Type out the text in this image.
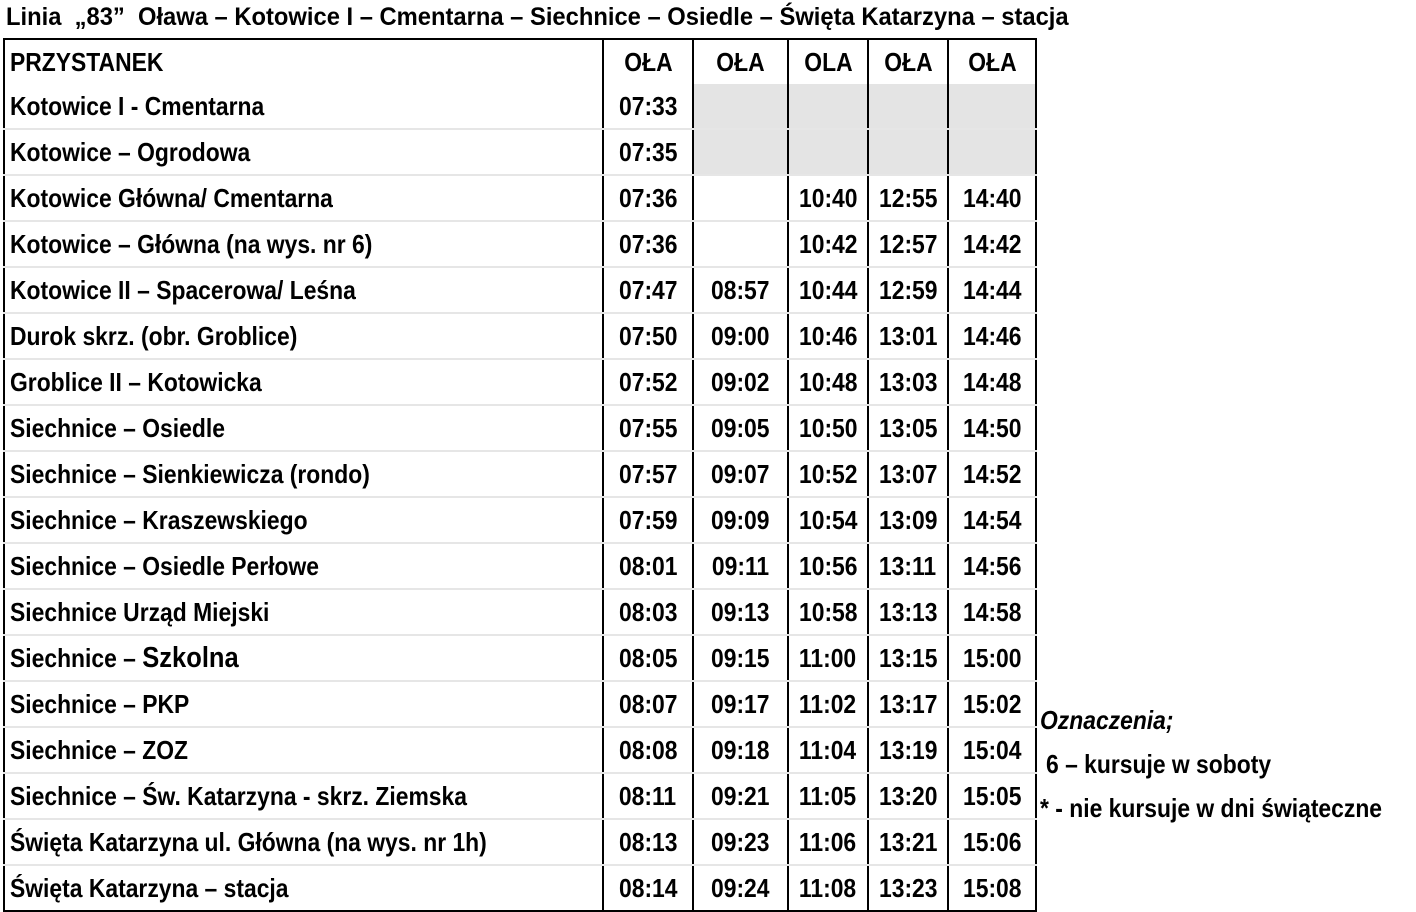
Linia  „83”  Oława – Kotowice I – Cmentarna – Siechnice – Osiedle – Święta Katarzyna – stacja
PRZYSTANEK	OŁA	OŁA	OLA	OŁA	OŁA
Kotowice I - Cmentarna	07:33				
Kotowice – Ogrodowa	07:35				
Kotowice Główna/ Cmentarna	07:36		10:40	12:55	14:40
Kotowice – Główna (na wys. nr 6)	07:36		10:42	12:57	14:42
Kotowice II – Spacerowa/ Leśna	07:47	08:57	10:44	12:59	14:44
Durok skrz. (obr. Groblice)	07:50	09:00	10:46	13:01	14:46
Groblice II – Kotowicka	07:52	09:02	10:48	13:03	14:48
Siechnice – Osiedle	07:55	09:05	10:50	13:05	14:50
Siechnice – Sienkiewicza (rondo)	07:57	09:07	10:52	13:07	14:52
Siechnice – Kraszewskiego	07:59	09:09	10:54	13:09	14:54
Siechnice – Osiedle Perłowe	08:01	09:11	10:56	13:11	14:56
Siechnice Urząd Miejski	08:03	09:13	10:58	13:13	14:58
Siechnice – Szkolna	08:05	09:15	11:00	13:15	15:00
Siechnice – PKP	08:07	09:17	11:02	13:17	15:02
Siechnice – ZOZ	08:08	09:18	11:04	13:19	15:04
Siechnice – Św. Katarzyna - skrz. Ziemska	08:11	09:21	11:05	13:20	15:05
Święta Katarzyna ul. Główna (na wys. nr 1h)	08:13	09:23	11:06	13:21	15:06
Święta Katarzyna – stacja	08:14	09:24	11:08	13:23	15:08
Oznaczenia;
6 – kursuje w soboty
* - nie kursuje w dni świąteczne
